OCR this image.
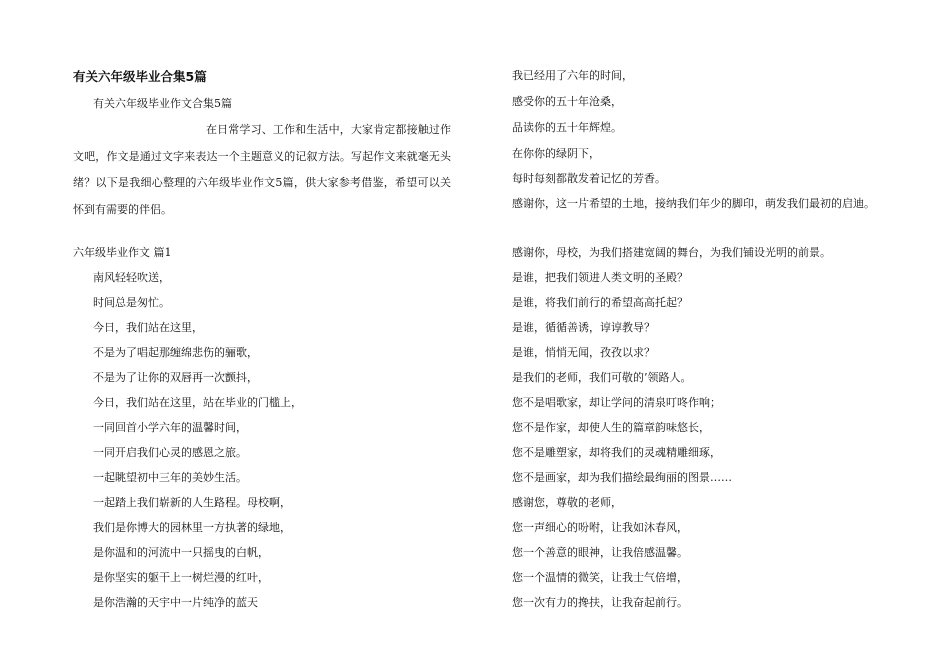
有关六年级毕业合集5篇
有关六年级毕业作文合集5篇
在日常学习、工作和生活中，大家肯定都接触过作文吧，作文是通过文字来表达一个主题意义的记叙方法。写起作文来就毫无头绪？以下是我细心整理的六年级毕业作文5篇，供大家参考借鉴，希望可以关怀到有需要的伴侣。
六年级毕业作文 篇1
南风轻轻吹送，
时间总是匆忙。
今日，我们站在这里，
不是为了唱起那缠绵悲伤的骊歌，
不是为了让你的双唇再一次颤抖，
今日，我们站在这里，站在毕业的门槛上，
一同回首小学六年的温馨时间，
一同开启我们心灵的感恩之旅。
一起眺望初中三年的美妙生活。
一起踏上我们崭新的人生路程。母校啊，
我们是你博大的园林里一方执著的绿地，
是你温和的河流中一只摇曳的白帆，
是你坚实的躯干上一树烂漫的红叶，
是你浩瀚的天宇中一片纯净的蓝天
我已经用了六年的时间，
感受你的五十年沧桑，
品读你的五十年辉煌。
在你你的绿阴下，
每时每刻都散发着记忆的芳香。
感谢你，这一片希望的土地，接纳我们年少的脚印，萌发我们最初的启迪。
感谢你，母校，为我们搭建宽阔的舞台，为我们铺设光明的前景。
是谁，把我们领进人类文明的圣殿？
是谁，将我们前行的希望高高托起？
是谁，循循善诱，谆谆教导？
是谁，悄悄无闻，孜孜以求？
是我们的老师，我们可敬的’领路人。
您不是唱歌家，却让学问的清泉叮咚作响；
您不是作家，却使人生的篇章韵味悠长，
您不是雕塑家，却将我们的灵魂精雕细琢，
您不是画家，却为我们描绘最绚丽的图景……
感谢您，尊敬的老师，
您一声细心的吩咐，让我如沐春风，
您一个善意的眼神，让我倍感温馨。
您一个温情的微笑，让我士气倍增，
您一次有力的搀扶，让我奋起前行。
